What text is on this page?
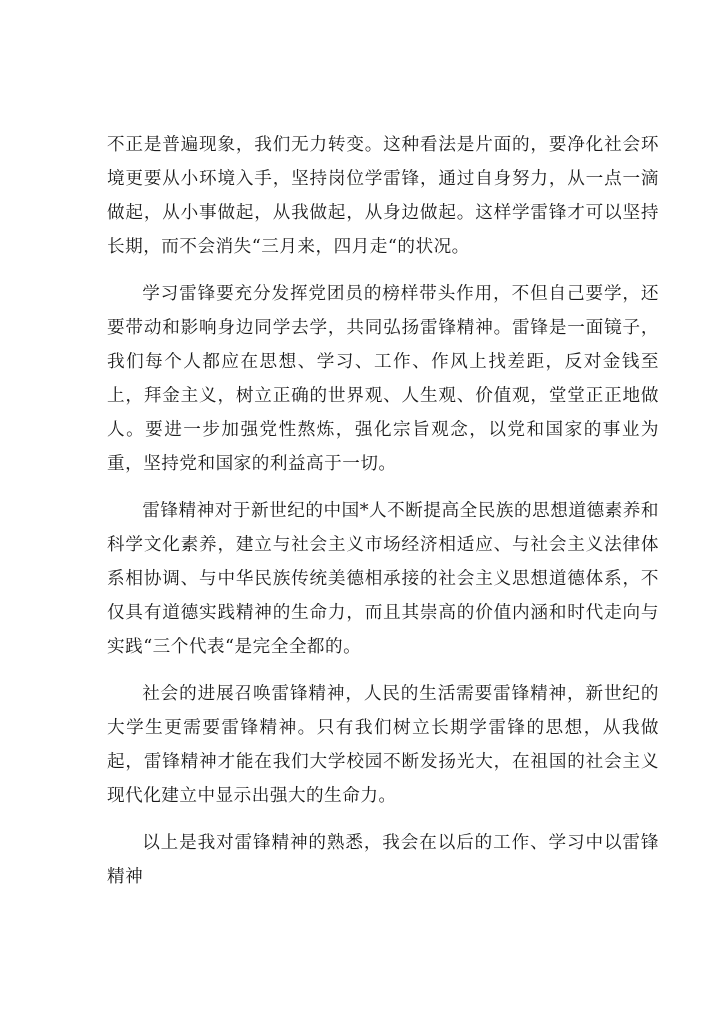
不正是普遍现象，我们无力转变。这种看法是片面的，要净化社会环境更要从小环境入手，坚持岗位学雷锋，通过自身努力，从一点一滴做起，从小事做起，从我做起，从身边做起。这样学雷锋才可以坚持长期，而不会消失“三月来，四月走“的状况。

学习雷锋要充分发挥党团员的榜样带头作用，不但自己要学，还要带动和影响身边同学去学，共同弘扬雷锋精神。雷锋是一面镜子，我们每个人都应在思想、学习、工作、作风上找差距，反对金钱至上，拜金主义，树立正确的世界观、人生观、价值观，堂堂正正地做人。要进一步加强党性熬炼，强化宗旨观念，以党和国家的事业为重，坚持党和国家的利益高于一切。

雷锋精神对于新世纪的中国*人不断提高全民族的思想道德素养和科学文化素养，建立与社会主义市场经济相适应、与社会主义法律体系相协调、与中华民族传统美德相承接的社会主义思想道德体系，不仅具有道德实践精神的生命力，而且其崇高的价值内涵和时代走向与实践“三个代表“是完全全都的。

社会的进展召唤雷锋精神，人民的生活需要雷锋精神，新世纪的大学生更需要雷锋精神。只有我们树立长期学雷锋的思想，从我做起，雷锋精神才能在我们大学校园不断发扬光大，在祖国的社会主义现代化建立中显示出强大的生命力。

以上是我对雷锋精神的熟悉，我会在以后的工作、学习中以雷锋精神
